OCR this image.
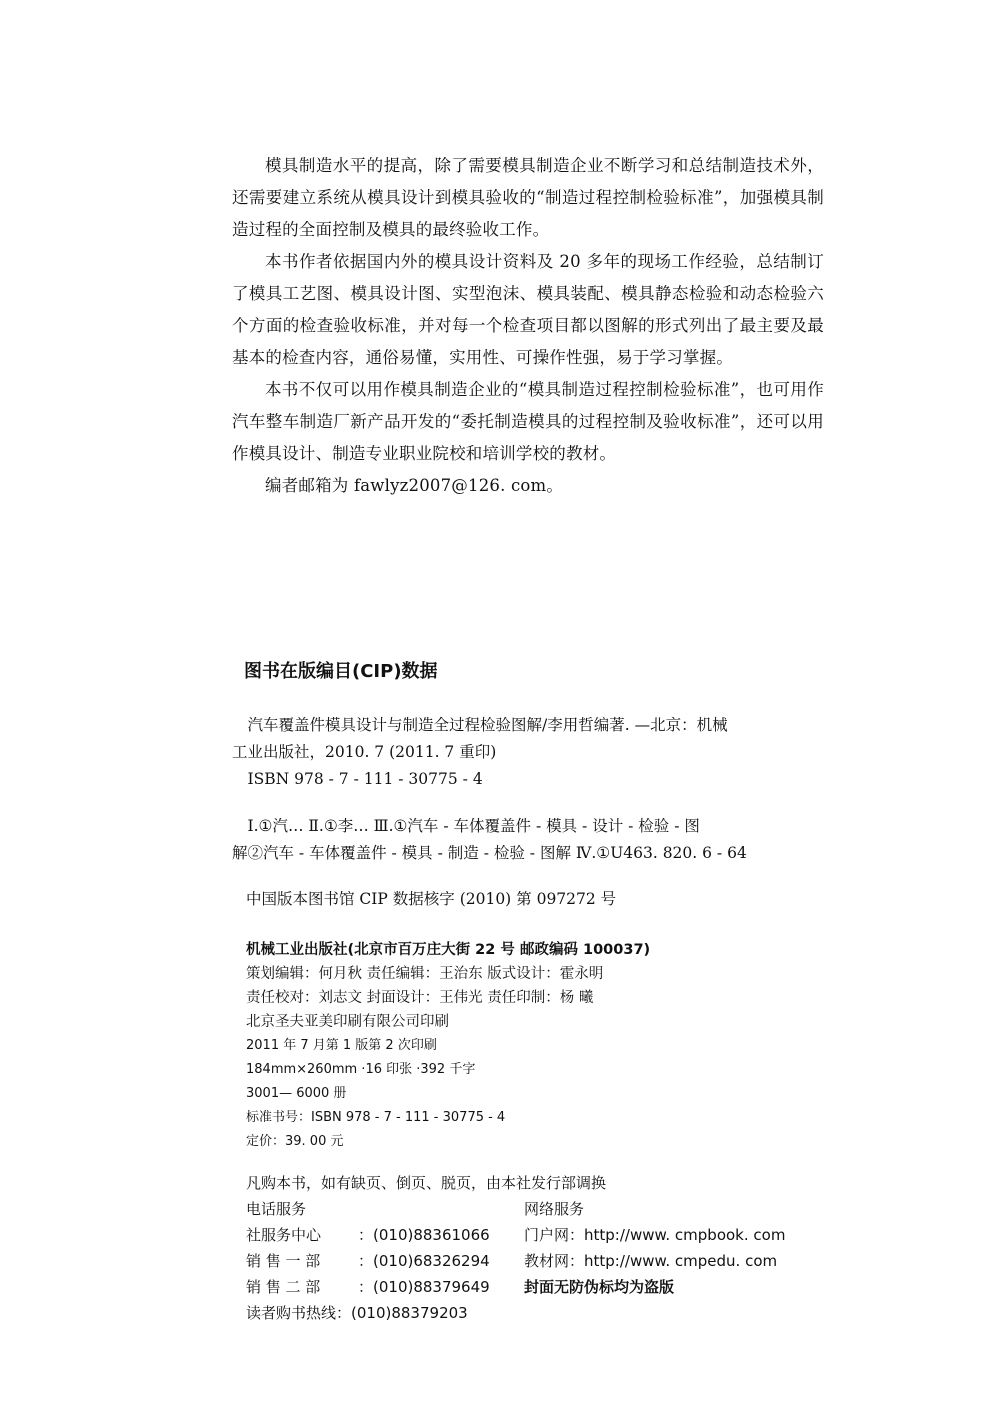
模具制造水平的提高，除了需要模具制造企业不断学习和总结制造技术外，还需要建立系统从模具设计到模具验收的“制造过程控制检验标准”，加强模具制造过程的全面控制及模具的最终验收工作。

本书作者依据国内外的模具设计资料及 20 多年的现场工作经验，总结制订了模具工艺图、模具设计图、实型泡沫、模具装配、模具静态检验和动态检验六个方面的检查验收标准，并对每一个检查项目都以图解的形式列出了最主要及最基本的检查内容，通俗易懂，实用性、可操作性强，易于学习掌握。

本书不仅可以用作模具制造企业的“模具制造过程控制检验标准”，也可用作汽车整车制造厂新产品开发的“委托制造模具的过程控制及验收标准”，还可以用作模具设计、制造专业职业院校和培训学校的教材。

编者邮箱为 fawlyz2007@126. com。

图书在版编目(CIP)数据
汽车覆盖件模具设计与制造全过程检验图解/李用哲编著. —北京：机械
工业出版社，2010. 7 (2011. 7 重印)
ISBN 978 - 7 - 111 - 30775 - 4
Ⅰ.①汽… Ⅱ.①李… Ⅲ.①汽车 - 车体覆盖件 - 模具 - 设计 - 检验 - 图
解②汽车 - 车体覆盖件 - 模具 - 制造 - 检验 - 图解 Ⅳ.①U463. 820. 6 - 64
中国版本图书馆 CIP 数据核字 (2010) 第 097272 号
机械工业出版社(北京市百万庄大街 22 号 邮政编码 100037)
策划编辑：何月秋 责任编辑：王治东 版式设计：霍永明
责任校对：刘志文 封面设计：王伟光 责任印制：杨 曦
北京圣夫亚美印刷有限公司印刷
2011 年 7 月第 1 版第 2 次印刷
184mm×260mm ·16 印张 ·392 千字
3001— 6000 册
标准书号：ISBN 978 - 7 - 111 - 30775 - 4
定价：39. 00 元
凡购本书，如有缺页、倒页、脱页，由本社发行部调换
电话服务	网络服务
社服务中心	：(010)88361066 门户网：http://www. cmpbook. com
销 售 一 部	：(010)68326294 教材网：http://www. cmpedu. com
销 售 二 部	：(010)88379649 封面无防伪标均为盗版
读者购书热线 ：(010)88379203
